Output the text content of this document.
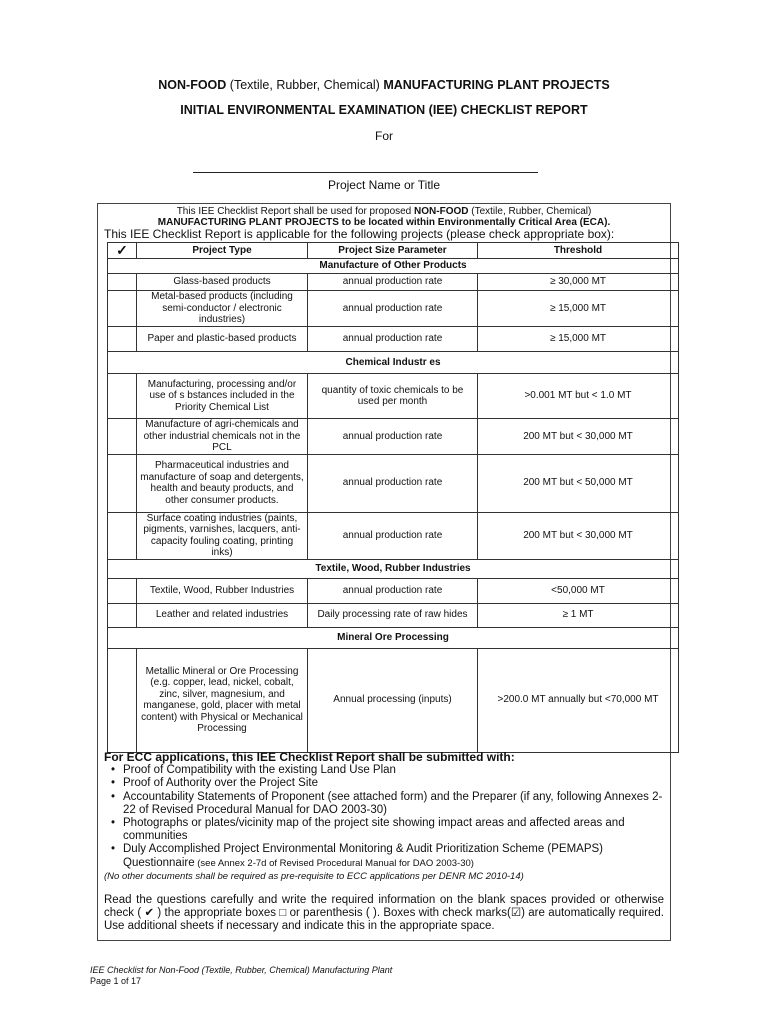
NON-FOOD (Textile, Rubber, Chemical) MANUFACTURING PLANT PROJECTS
INITIAL ENVIRONMENTAL EXAMINATION (IEE) CHECKLIST REPORT
For
Project Name or Title
This IEE Checklist Report shall be used for proposed NON-FOOD (Textile, Rubber, Chemical)
MANUFACTURING PLANT PROJECTS to be located within Environmentally Critical Area (ECA).
This IEE Checklist Report is applicable for the following projects (please check appropriate box):
✓	Project Type	Project Size Parameter	Threshold
Manufacture of Other Products			
	Glass-based products	annual production rate	≥ 30,000 MT
	Metal-based products (including semi-conductor / electronic industries)	annual production rate	≥ 15,000 MT
	Paper and plastic-based products	annual production rate	≥ 15,000 MT
Chemical Industr es			
	Manufacturing, processing and/or use of s bstances included in the Priority Chemical List	quantity of toxic chemicals to be used per month	>0.001 MT but < 1.0 MT
	Manufacture of agri-chemicals and other industrial chemicals not in the PCL	annual production rate	200 MT but < 30,000 MT
	Pharmaceutical industries and manufacture of soap and detergents, health and beauty products, and other consumer products.	annual production rate	200 MT but < 50,000 MT
	Surface coating industries (paints, pigments, varnishes, lacquers, anti- capacity fouling coating, printing inks)	annual production rate	200 MT but < 30,000 MT
Textile, Wood, Rubber Industries			
	Textile, Wood, Rubber Industries	annual production rate	<50,000 MT
	Leather and related industries	Daily processing rate of raw hides	≥ 1 MT
Mineral Ore Processing			
	Metallic Mineral or Ore Processing (e.g. copper, lead, nickel, cobalt, zinc, silver, magnesium, and manganese, gold, placer with metal content) with Physical or Mechanical Processing	Annual processing (inputs)	>200.0 MT annually but <70,000 MT
For ECC applications, this IEE Checklist Report shall be submitted with:
• Proof of Compatibility with the existing Land Use Plan
• Proof of Authority over the Project Site
• Accountability Statements of Proponent (see attached form) and the Preparer (if any, following Annexes 2-22 of Revised Procedural Manual for DAO 2003-30)
• Photographs or plates/vicinity map of the project site showing impact areas and affected areas and communities
• Duly Accomplished Project Environmental Monitoring & Audit Prioritization Scheme (PEMAPS) Questionnaire (see Annex 2-7d of Revised Procedural Manual for DAO 2003-30)
(No other documents shall be required as pre-requisite to ECC applications per DENR MC 2010-14)
Read the questions carefully and write the required information on the blank spaces provided or otherwise check ( ✔ ) the appropriate boxes □ or parenthesis ( ). Boxes with check marks(☑) are automatically required. Use additional sheets if necessary and indicate this in the appropriate space.
IEE Checklist for Non-Food (Textile, Rubber, Chemical) Manufacturing Plant
Page 1 of 17
